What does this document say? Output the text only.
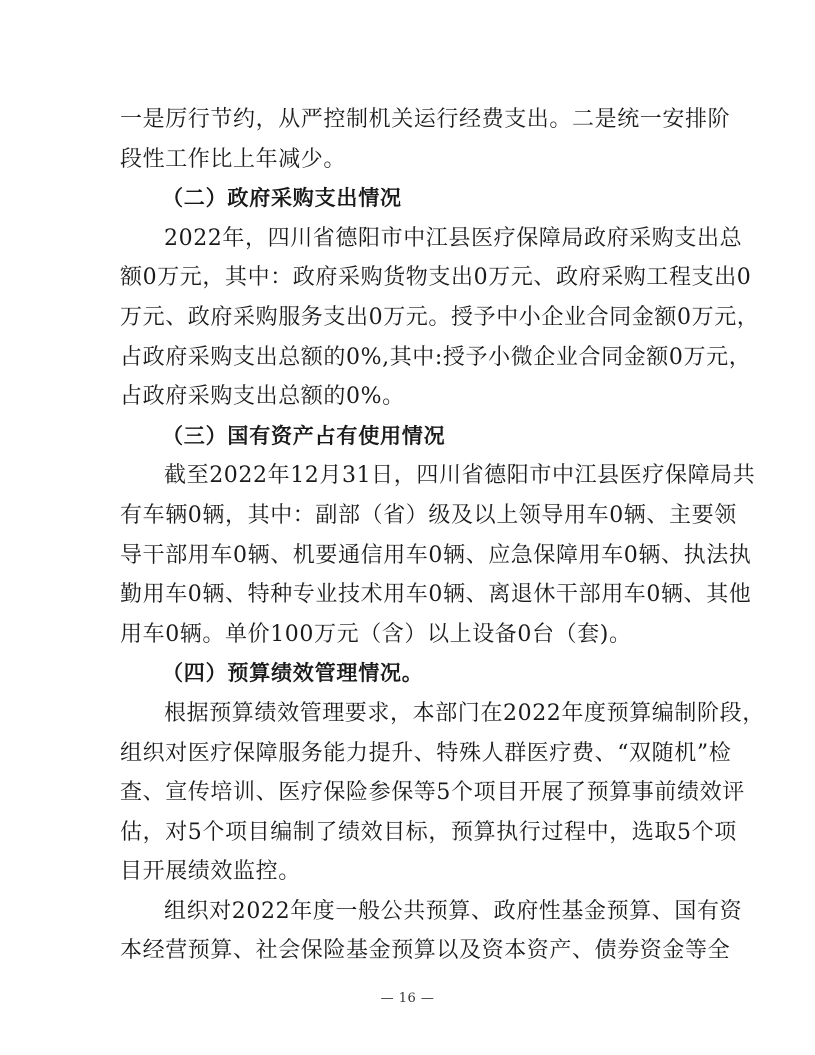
一是厉行节约，从严控制机关运行经费支出。二是统一安排阶
段性工作比上年减少。
（二）政府采购支出情况
2022年，四川省德阳市中江县医疗保障局政府采购支出总
额0万元，其中：政府采购货物支出0万元、政府采购工程支出0
万元、政府采购服务支出0万元。授予中小企业合同金额0万元，
占政府采购支出总额的0%,其中:授予小微企业合同金额0万元，
占政府采购支出总额的0%。
（三）国有资产占有使用情况
截至2022年12月31日，四川省德阳市中江县医疗保障局共
有车辆0辆，其中：副部（省）级及以上领导用车0辆、主要领
导干部用车0辆、机要通信用车0辆、应急保障用车0辆、执法执
勤用车0辆、特种专业技术用车0辆、离退休干部用车0辆、其他
用车0辆。单价100万元（含）以上设备0台（套)。
（四）预算绩效管理情况。
根据预算绩效管理要求，本部门在2022年度预算编制阶段，
组织对医疗保障服务能力提升、特殊人群医疗费、“双随机”检
查、宣传培训、医疗保险参保等5个项目开展了预算事前绩效评
估，对5个项目编制了绩效目标，预算执行过程中，选取5个项
目开展绩效监控。
组织对2022年度一般公共预算、政府性基金预算、国有资
本经营预算、社会保险基金预算以及资本资产、债券资金等全
— 16 —
